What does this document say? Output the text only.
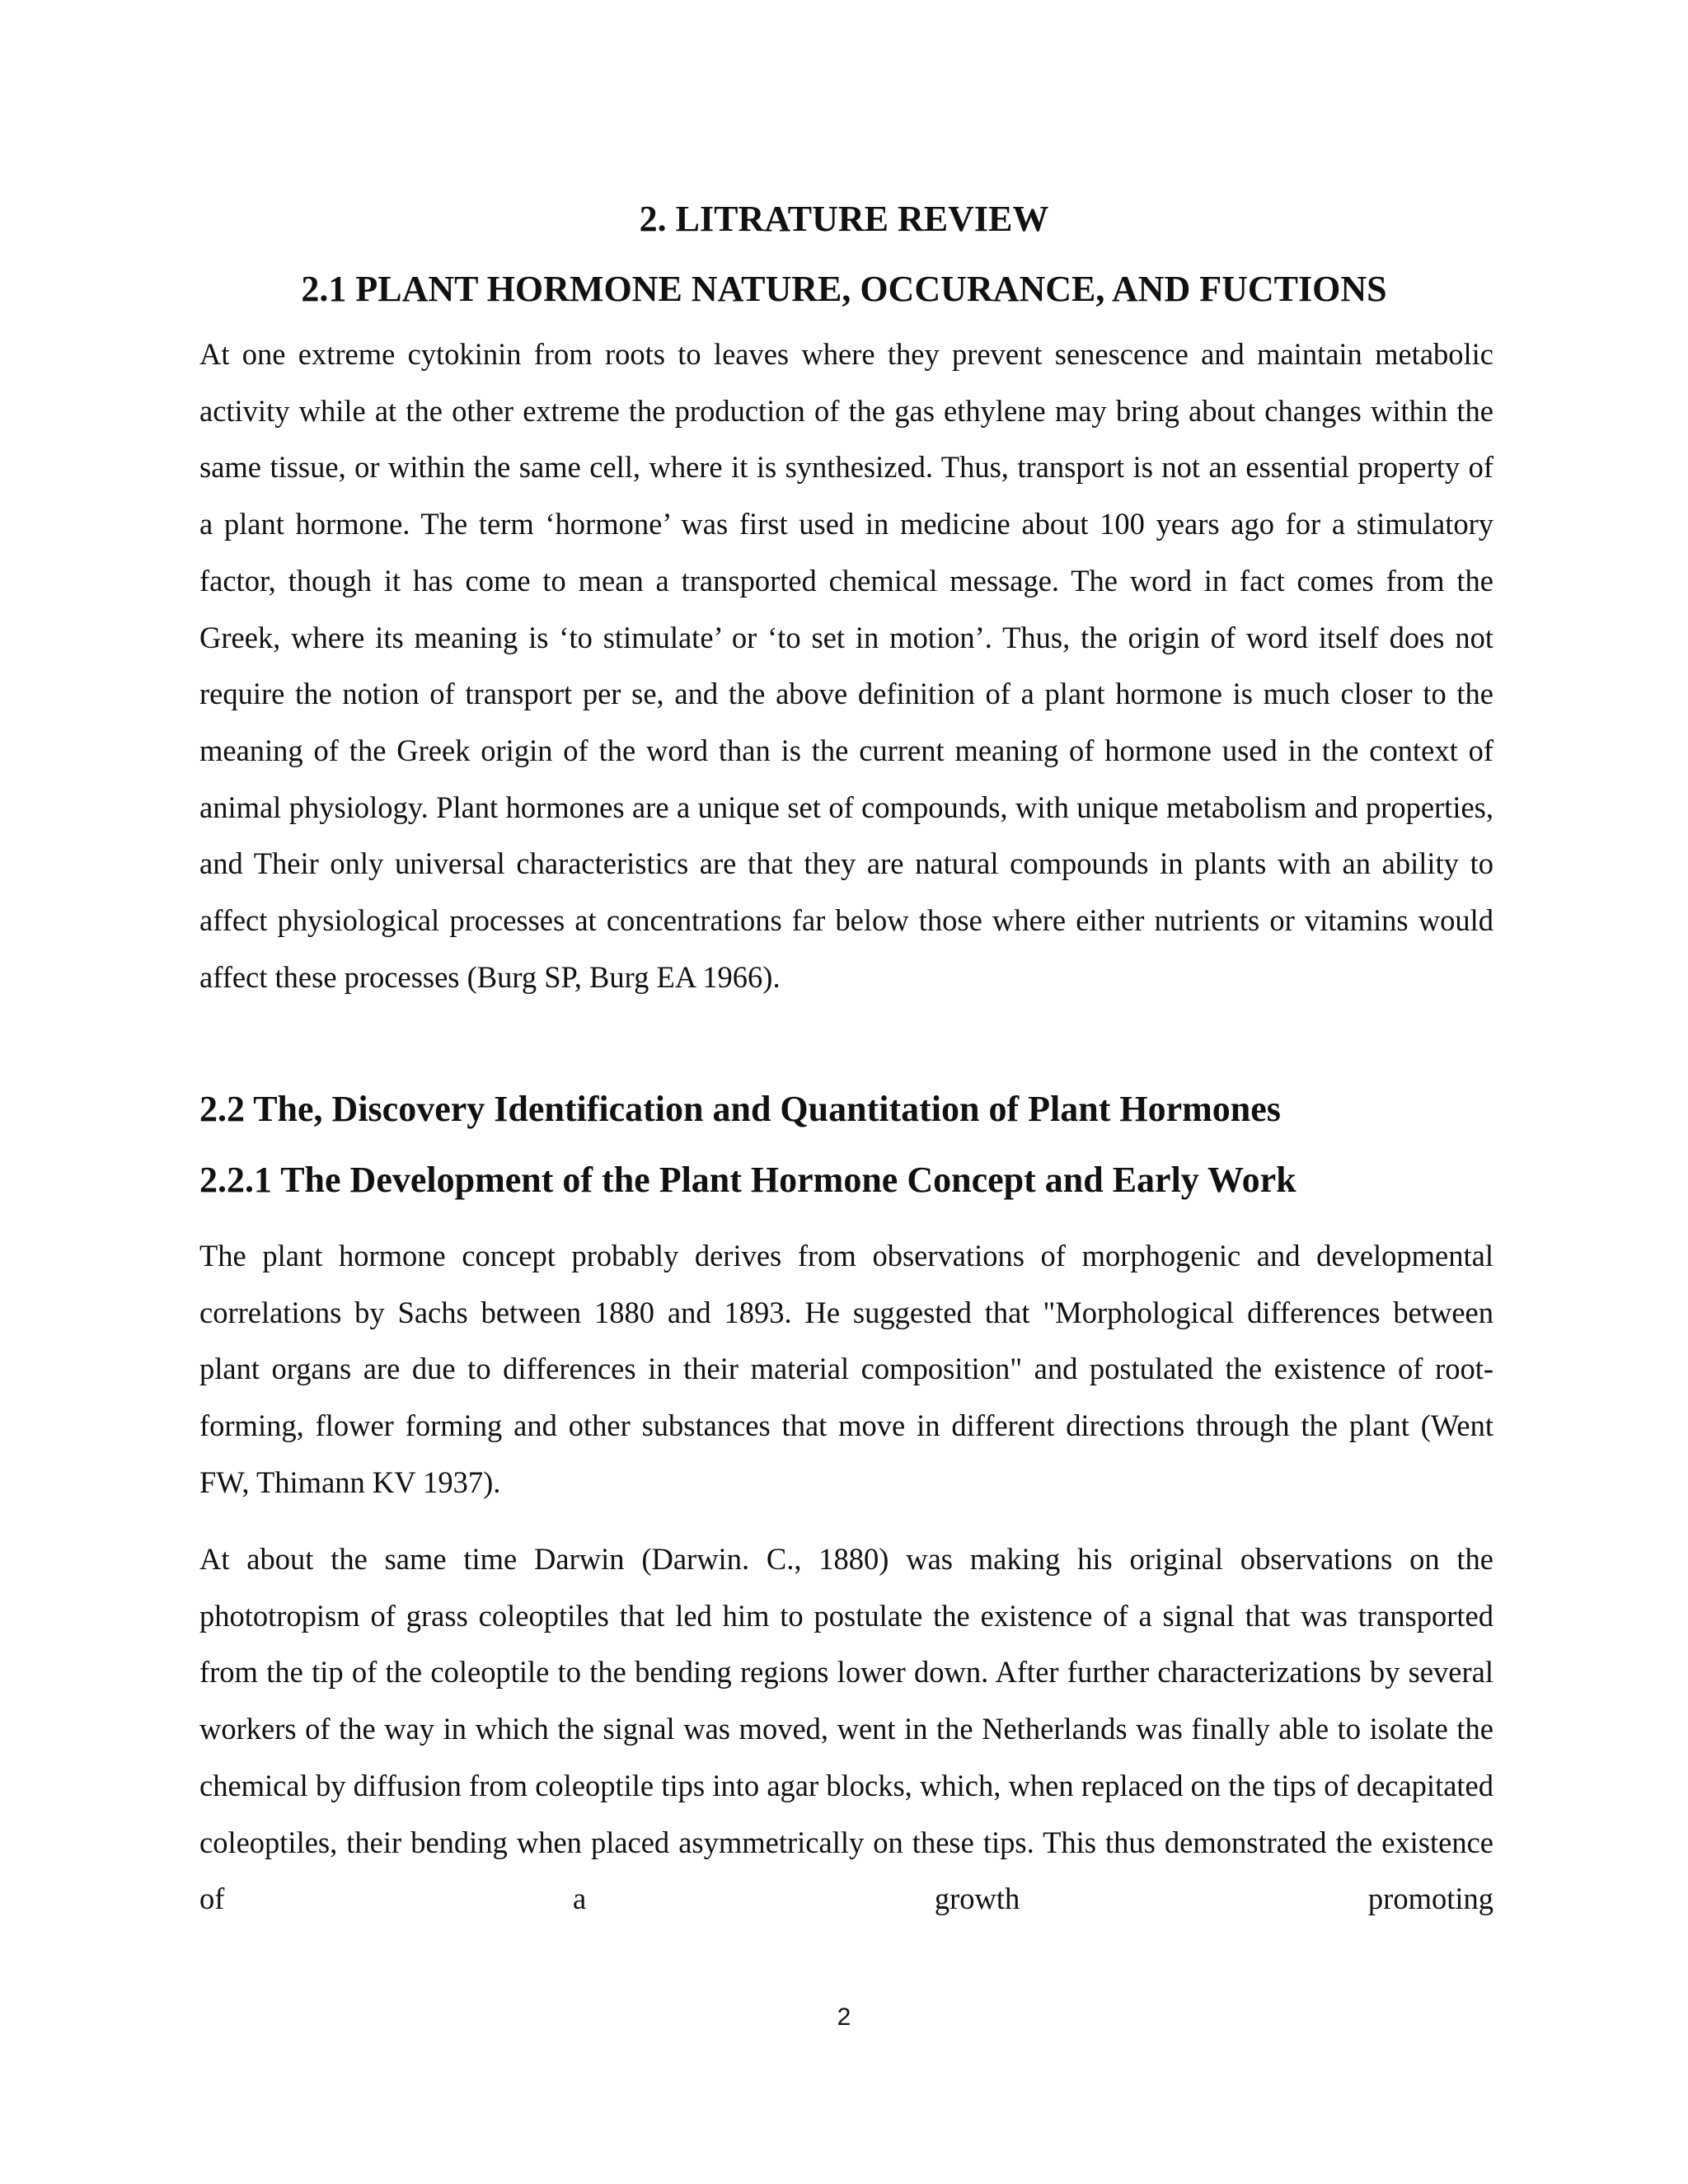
2. LITRATURE REVIEW
2.1 PLANT HORMONE NATURE, OCCURANCE, AND FUCTIONS

At one extreme cytokinin from roots to leaves where they prevent senescence and maintain metabolic activity while at the other extreme the production of the gas ethylene may bring about changes within the same tissue, or within the same cell, where it is synthesized. Thus, transport is not an essential property of a plant hormone. The term ‘hormone’ was first used in medicine about 100 years ago for a stimulatory factor, though it has come to mean a transported chemical message. The word in fact comes from the Greek, where its meaning is ‘to stimulate’ or ‘to set in motion’. Thus, the origin of word itself does not require the notion of transport per se, and the above definition of a plant hormone is much closer to the meaning of the Greek origin of the word than is the current meaning of hormone used in the context of animal physiology. Plant hormones are a unique set of compounds, with unique metabolism and properties, and Their only universal characteristics are that they are natural compounds in plants with an ability to affect physiological processes at concentrations far below those where either nutrients or vitamins would affect these processes (Burg SP, Burg EA 1966).

2.2 The, Discovery Identification and Quantitation of Plant Hormones
2.2.1 The Development of the Plant Hormone Concept and Early Work

The plant hormone concept probably derives from observations of morphogenic and developmental correlations by Sachs between 1880 and 1893. He suggested that "Morphological differences between plant organs are due to differences in their material composition" and postulated the existence of root-forming, flower forming and other substances that move in different directions through the plant (Went FW, Thimann KV 1937).

At about the same time Darwin (Darwin. C., 1880) was making his original observations on the phototropism of grass coleoptiles that led him to postulate the existence of a signal that was transported from the tip of the coleoptile to the bending regions lower down. After further characterizations by several workers of the way in which the signal was moved, went in the Netherlands was finally able to isolate the chemical by diffusion from coleoptile tips into agar blocks, which, when replaced on the tips of decapitated coleoptiles, their bending when placed asymmetrically on these tips. This thus demonstrated the existence of a growth promoting

2
